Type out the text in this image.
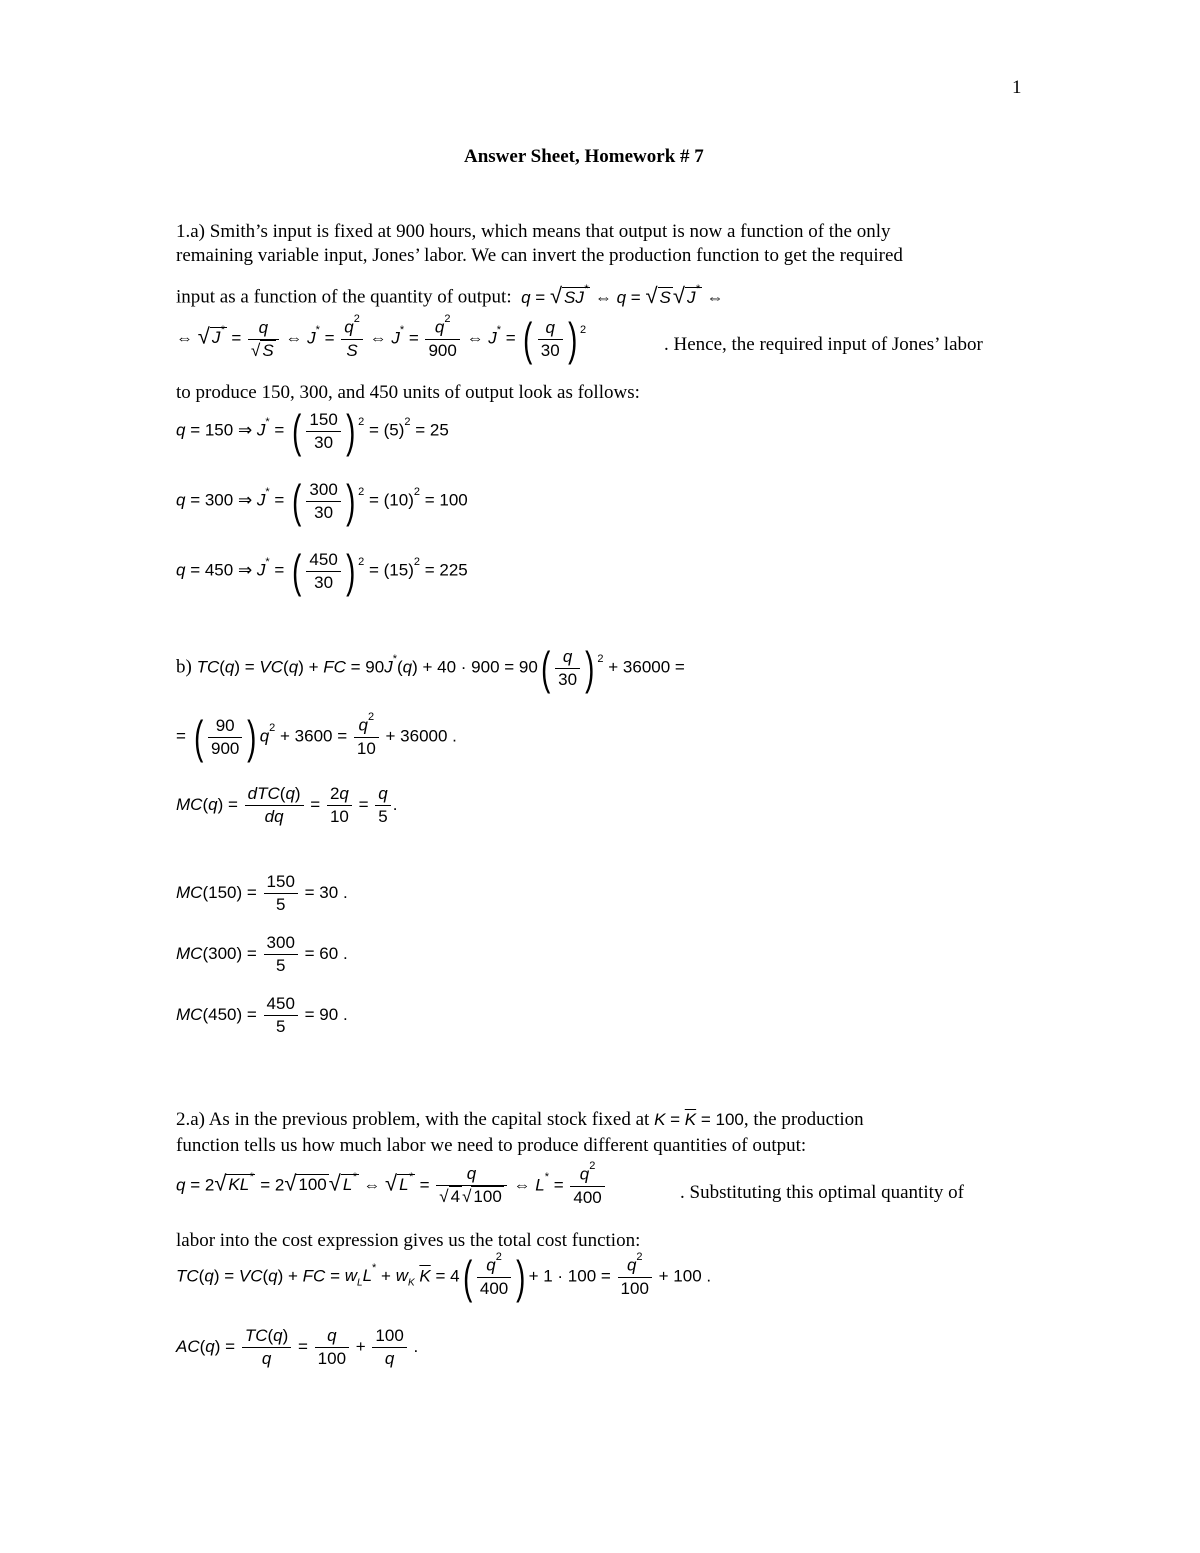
1
Answer Sheet, Homework # 7
1.a) Smith’s input is fixed at 900 hours, which means that output is now a function of the only
remaining variable input, Jones’ labor. We can invert the production function to get the required
input as a function of the quantity of output: q = √ SJ* ⇔ q = √ S√ J* ⇔
⇔ √ $J^* = \frac{q}{√ S}$ ⇔ $J^* = \frac{q^2}{S}$ ⇔ $J^* = \frac{q^2}{900}$ ⇔ J* = ( $\frac{q}{30}$ ) $^2$
. Hence, the required input of Jones’ labor
to produce 150, 300, and 450 units of output look as follows:
q = 150 ⇒ J* = ( $\frac{150}{30}$ ) $^2 = (5)^2 = 25$
q = 300 ⇒ J* = ( $\frac{300}{30}$ ) $^2 = (10)^2 = 100$
q = 450 ⇒ J* = ( $\frac{450}{30}$ ) $^2 = (15)^2 = 225$
b) TC(q) = VC(q) + FC = $90J^*(q) + 40 \cdot 900 = 90( \frac{q}{30}$ ) $^2$ + 36000 =
= ( $\frac{90}{900}$ ) $q^2 + 3600 = \frac{q^2}{10} + 36000$ .
$MC(q) = \frac{\text{dTC(q)}}{dq} = \frac{2q}{10} = \frac{q}{5}$ .
$MC(150) = \frac{150}{5} = 30$ .
$MC(300) = \frac{300}{5} = 60$ .
$MC(450) = \frac{450}{5} = 90$ .
2.a) As in the previous problem, with the capital stock fixed at $K = \overline{K} = 100$, the production
function tells us how much labor we need to produce different quantities of output:
q = 2√ KL* = 2√ 100√ L* ⇔ √ $L^* = \frac{q}{√ 4 √ 100}$ ⇔ $L^* = \frac{q^2}{400}$	. Substituting this optimal quantity of
labor into the cost expression gives us the total cost function:
TC(q) = VC(q) + FC = $w_LL^* + w_K$ $\overline{K} = 4( \frac{q^2}{400}$ ) + $1 \cdot 100 = \frac{q^2}{100} + 100$ .
$AC(q) = \frac{TC(q)}{q} = \frac{q}{100} + \frac{100}{q}$ .
